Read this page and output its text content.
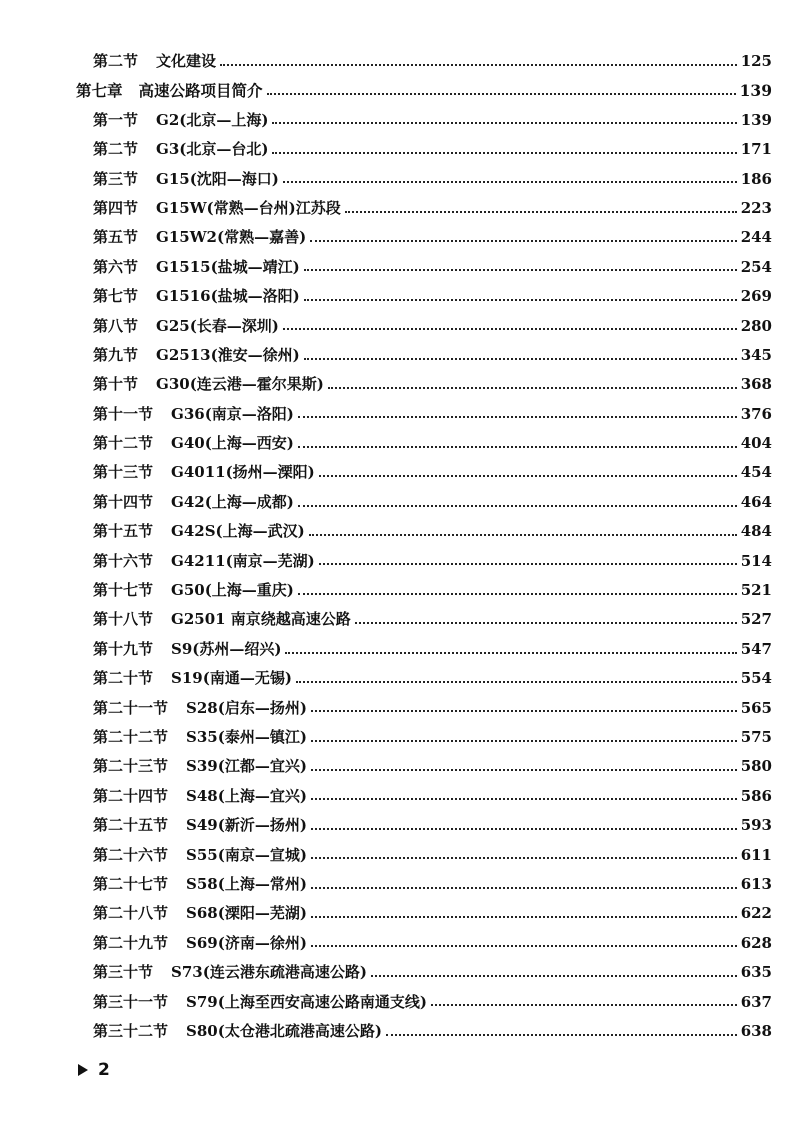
第二节 文化建设	125
第七章 高速公路项目简介	139
第一节 G2(北京—上海)	139
第二节 G3(北京—台北)	171
第三节 G15(沈阳—海口)	186
第四节 G15W(常熟—台州)江苏段	223
第五节 G15W2(常熟—嘉善)	244
第六节 G1515(盐城—靖江)	254
第七节 G1516(盐城—洛阳)	269
第八节 G25(长春—深圳)	280
第九节 G2513(淮安—徐州)	345
第十节 G30(连云港—霍尔果斯)	368
第十一节 G36(南京—洛阳)	376
第十二节 G40(上海—西安)	404
第十三节 G4011(扬州—溧阳)	454
第十四节 G42(上海—成都)	464
第十五节 G42S(上海—武汉)	484
第十六节 G4211(南京—芜湖)	514
第十七节 G50(上海—重庆)	521
第十八节 G2501 南京绕越高速公路	527
第十九节 S9(苏州—绍兴)	547
第二十节 S19(南通—无锡)	554
第二十一节 S28(启东—扬州)	565
第二十二节 S35(泰州—镇江)	575
第二十三节 S39(江都—宜兴)	580
第二十四节 S48(上海—宜兴)	586
第二十五节 S49(新沂—扬州)	593
第二十六节 S55(南京—宣城)	611
第二十七节 S58(上海—常州)	613
第二十八节 S68(溧阳—芜湖)	622
第二十九节 S69(济南—徐州)	628
第三十节 S73(连云港东疏港高速公路)	635
第三十一节 S79(上海至西安高速公路南通支线)	637
第三十二节 S80(太仓港北疏港高速公路)	638
2
